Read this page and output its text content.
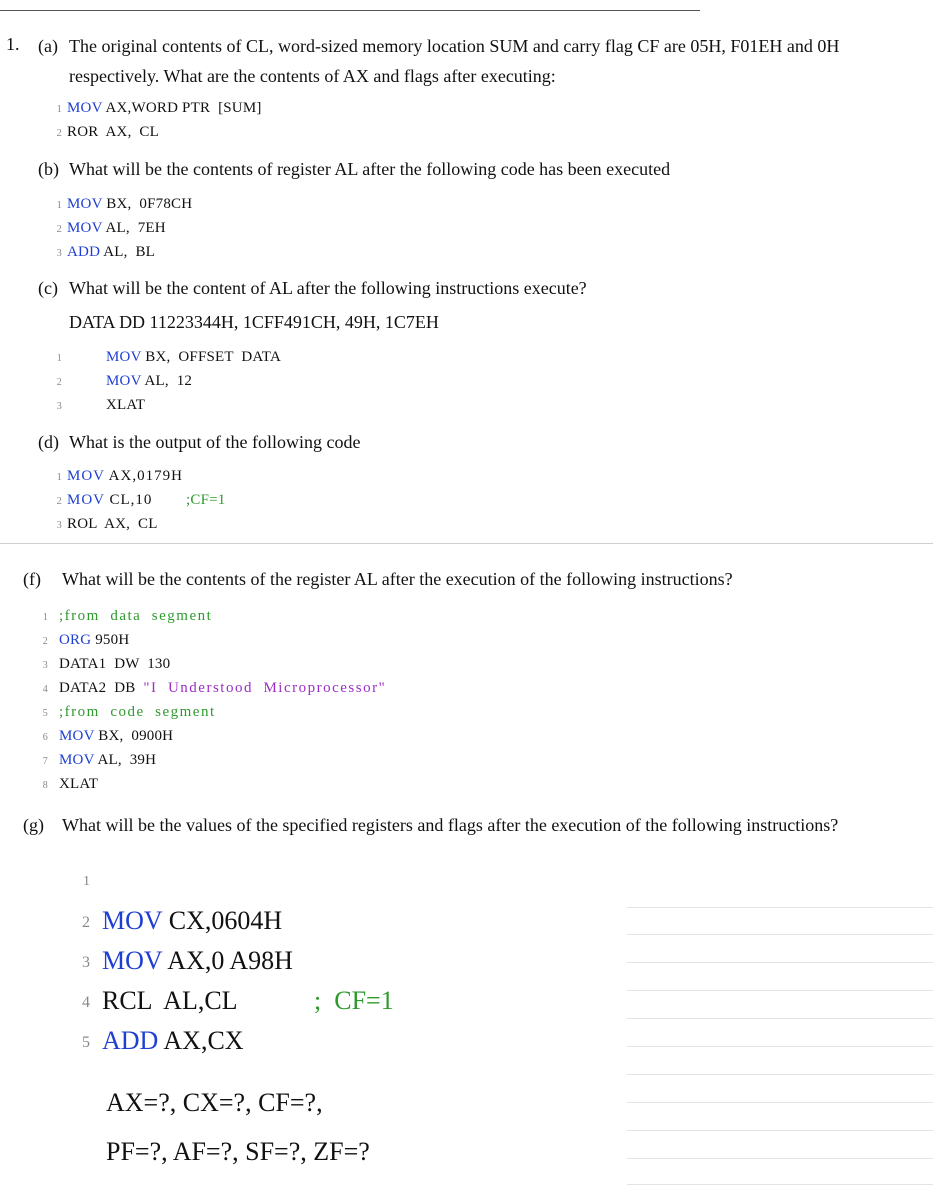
1. (a) The original contents of CL, word-sized memory location SUM and carry flag CF are 05H, F01EH and 0H
respectively. What are the contents of AX and flags after executing:
1 MOV AX,WORD PTR  [SUM]
2 ROR  AX,  CL
(b) What will be the contents of register AL after the following code has been executed
1 MOV BX,  0F78CH
2 MOV AL,  7EH
3 ADD AL,  BL
(c) What will be the content of AL after the following instructions execute?
DATA DD 11223344H, 1CFF491CH, 49H, 1C7EH
1	MOV BX,  OFFSET  DATA
2	MOV AL,  12
3	XLAT
(d) What is the output of the following code
1 MOV AX,0179H
2 MOV CL,10 ;CF=1
3 ROL  AX,  CL
(f) What will be the contents of the register AL after the execution of the following instructions?
1 ;from  data  segment
2 ORG 950H
3 DATA1  DW  130
4 DATA2  DB  "I  Understood  Microprocessor"
5 ;from  code  segment
6 MOV BX,  0900H
7 MOV AL,  39H
8 XLAT
(g) What will be the values of the specified registers and flags after the execution of the following instructions?
1
2 MOV CX,0604H
3 MOV AX,0 A98H
4 RCL  AL,CL	;  CF=1
5 ADD AX,CX
AX=?, CX=?, CF=?,
PF=?, AF=?, SF=?, ZF=?
